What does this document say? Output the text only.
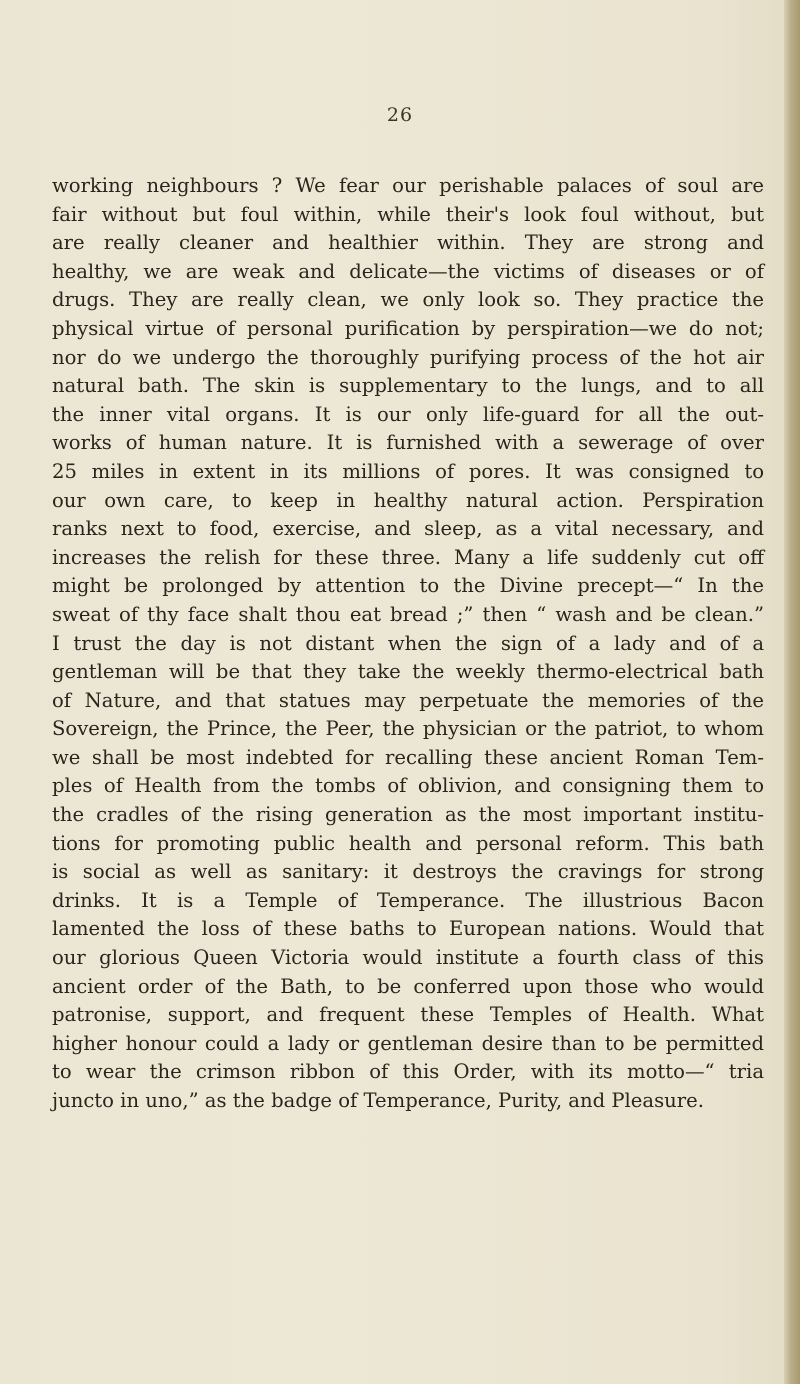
26
working neighbours ? We fear our perishable palaces of soul are
fair without but foul within, while their's look foul without, but
are really cleaner and healthier within. They are strong and
healthy, we are weak and delicate—the victims of diseases or of
drugs. They are really clean, we only look so. They practice the
physical virtue of personal purification by perspiration—we do not;
nor do we undergo the thoroughly purifying process of the hot air
natural bath. The skin is supplementary to the lungs, and to all
the inner vital organs. It is our only life-guard for all the out-
works of human nature. It is furnished with a sewerage of over
25 miles in extent in its millions of pores. It was consigned to
our own care, to keep in healthy natural action. Perspiration
ranks next to food, exercise, and sleep, as a vital necessary, and
increases the relish for these three. Many a life suddenly cut off
might be prolonged by attention to the Divine precept—“ In the
sweat of thy face shalt thou eat bread ;” then “ wash and be clean.”
I trust the day is not distant when the sign of a lady and of a
gentleman will be that they take the weekly thermo-electrical bath
of Nature, and that statues may perpetuate the memories of the
Sovereign, the Prince, the Peer, the physician or the patriot, to whom
we shall be most indebted for recalling these ancient Roman Tem-
ples of Health from the tombs of oblivion, and consigning them to
the cradles of the rising generation as the most important institu-
tions for promoting public health and personal reform. This bath
is social as well as sanitary: it destroys the cravings for strong
drinks. It is a Temple of Temperance. The illustrious Bacon
lamented the loss of these baths to European nations. Would that
our glorious Queen Victoria would institute a fourth class of this
ancient order of the Bath, to be conferred upon those who would
patronise, support, and frequent these Temples of Health. What
higher honour could a lady or gentleman desire than to be permitted
to wear the crimson ribbon of this Order, with its motto—“ tria
juncto in uno,” as the badge of Temperance, Purity, and Pleasure.
